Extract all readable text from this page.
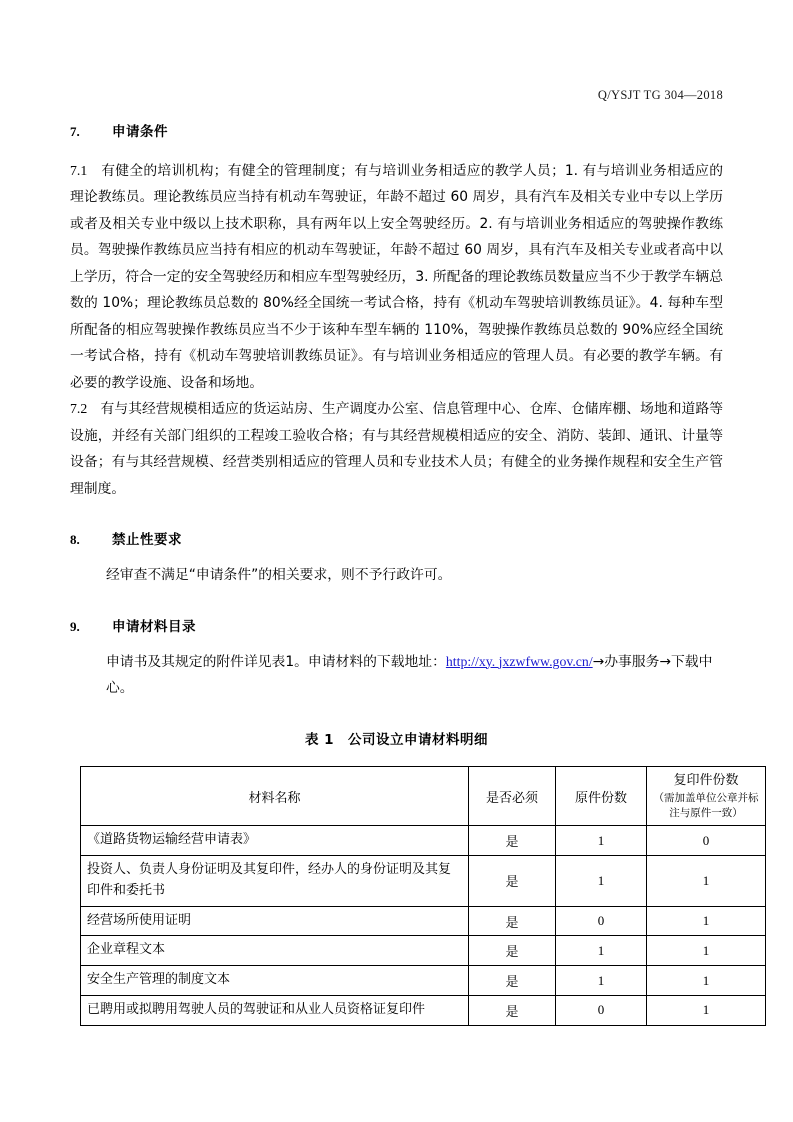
Q/YSJT TG 304—2018
7.	申请条件

7.1 有健全的培训机构；有健全的管理制度；有与培训业务相适应的教学人员；1. 有与培训业务相适应的理论教练员。理论教练员应当持有机动车驾驶证，年龄不超过 60 周岁，具有汽车及相关专业中专以上学历或者及相关专业中级以上技术职称，具有两年以上安全驾驶经历。2. 有与培训业务相适应的驾驶操作教练员。驾驶操作教练员应当持有相应的机动车驾驶证，年龄不超过 60 周岁，具有汽车及相关专业或者高中以上学历，符合一定的安全驾驶经历和相应车型驾驶经历，3. 所配备的理论教练员数量应当不少于教学车辆总数的 10%；理论教练员总数的 80%经全国统一考试合格，持有《机动车驾驶培训教练员证》。4. 每种车型所配备的相应驾驶操作教练员应当不少于该种车型车辆的 110%，驾驶操作教练员总数的 90%应经全国统一考试合格，持有《机动车驾驶培训教练员证》。有与培训业务相适应的管理人员。有必要的教学车辆。有必要的教学设施、设备和场地。

7.2 有与其经营规模相适应的货运站房、生产调度办公室、信息管理中心、仓库、仓储库棚、场地和道路等设施，并经有关部门组织的工程竣工验收合格；有与其经营规模相适应的安全、消防、装卸、通讯、计量等设备；有与其经营规模、经营类别相适应的管理人员和专业技术人员；有健全的业务操作规程和安全生产管理制度。

8.	禁止性要求
经审查不满足“申请条件”的相关要求，则不予行政许可。
9.	申请材料目录
申请书及其规定的附件详见表1。申请材料的下载地址：http://xy. jxzwfww.gov.cn/→办事服务→下载中心。
表 1　公司设立申请材料明细
材料名称	是否必须	原件份数	复印件份数
（需加盖单位公章并标注与原件一致）

《道路货物运输经营申请表》	是	1	0
投资人、负责人身份证明及其复印件，经办人的身份证明及其复印件和委托书	是	1	1
经营场所使用证明	是	0	1
企业章程文本	是	1	1
安全生产管理的制度文本	是	1	1
已聘用或拟聘用驾驶人员的驾驶证和从业人员资格证复印件	是	0	1
